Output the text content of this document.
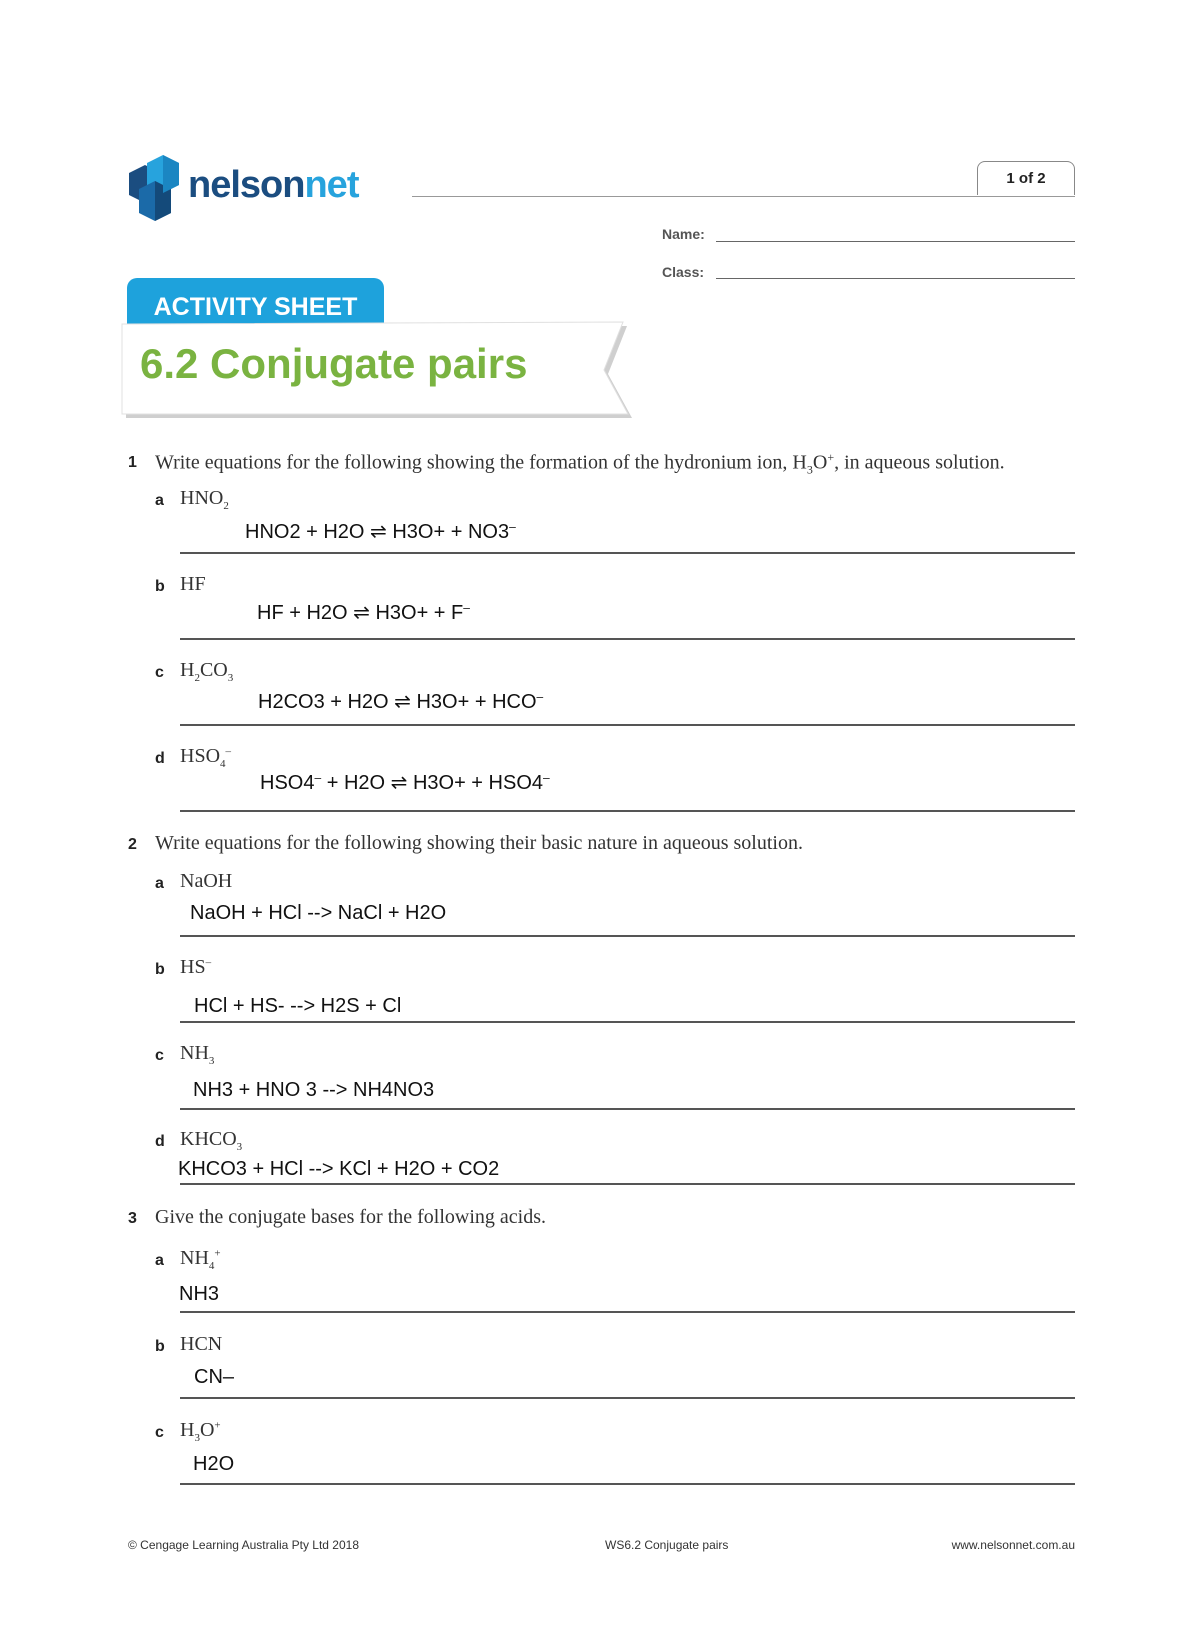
nelsonnet	1 of 2
Name:
Class:
ACTIVITY SHEET
6.2 Conjugate pairs
1 Write equations for the following showing the formation of the hydronium ion, $H_3O^+$, in aqueous solution.
a $HNO_2$
HNO2 + H2O ⇌ H3O+ + NO3–
b HF
HF + H2O ⇌ H3O+ + F–
c $H_2CO_3$
H2CO3 + H2O ⇌ H3O+ + HCO–
d $HSO_4^-$
HSO4– + H2O ⇌ H3O+ + HSO4–
2 Write equations for the following showing their basic nature in aqueous solution.
a NaOH
NaOH + HCl --> NaCl + H2O
b HS–
HCl + HS- --> H2S + Cl
c $NH_3$
NH3 + HNO 3 --> NH4NO3
d $KHCO_3$
KHCO3 + HCl --> KCl + H2O + CO2
3 Give the conjugate bases for the following acids.
a $NH_4^+$
NH3
b HCN
CN–
c $H_3O^+$
H2O
© Cengage Learning Australia Pty Ltd 2018	WS6.2 Conjugate pairs	www.nelsonnet.com.au
